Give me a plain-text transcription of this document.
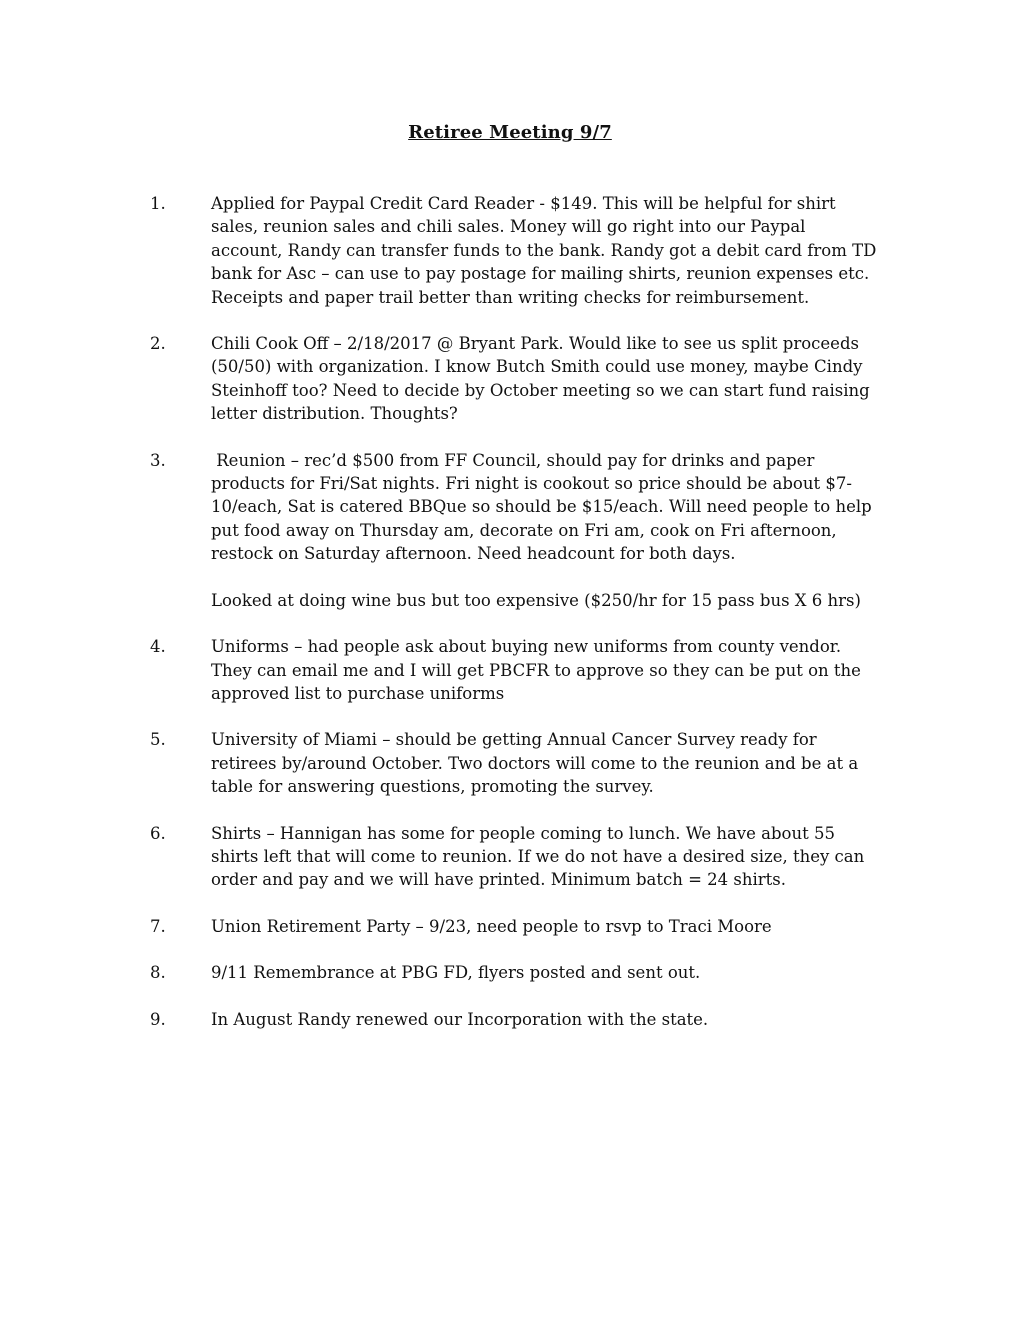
Retiree Meeting 9/7
1.	Applied for Paypal Credit Card Reader - $149. This will be helpful for shirt sales, reunion sales and chili sales. Money will go right into our Paypal account, Randy can transfer funds to the bank. Randy got a debit card from TD bank for Asc – can use to pay postage for mailing shirts, reunion expenses etc. Receipts and paper trail better than writing checks for reimbursement.

2.	Chili Cook Off – 2/18/2017 @ Bryant Park. Would like to see us split proceeds (50/50) with organization. I know Butch Smith could use money, maybe Cindy Steinhoff too? Need to decide by October meeting so we can start fund raising letter distribution. Thoughts?

3.	Reunion – rec’d $500 from FF Council, should pay for drinks and paper products for Fri/Sat nights. Fri night is cookout so price should be about $7-10/each, Sat is catered BBQue so should be $15/each. Will need people to help put food away on Thursday am, decorate on Fri am, cook on Fri afternoon, restock on Saturday afternoon. Need headcount for both days.

Looked at doing wine bus but too expensive ($250/hr for 15 pass bus X 6 hrs)

4.	Uniforms – had people ask about buying new uniforms from county vendor. They can email me and I will get PBCFR to approve so they can be put on the approved list to purchase uniforms

5.	University of Miami – should be getting Annual Cancer Survey ready for retirees by/around October. Two doctors will come to the reunion and be at a table for answering questions, promoting the survey.

6.	Shirts – Hannigan has some for people coming to lunch. We have about 55 shirts left that will come to reunion. If we do not have a desired size, they can order and pay and we will have printed. Minimum batch = 24 shirts.

7.	Union Retirement Party – 9/23, need people to rsvp to Traci Moore

8.	9/11 Remembrance at PBG FD, flyers posted and sent out.

9.	In August Randy renewed our Incorporation with the state.
